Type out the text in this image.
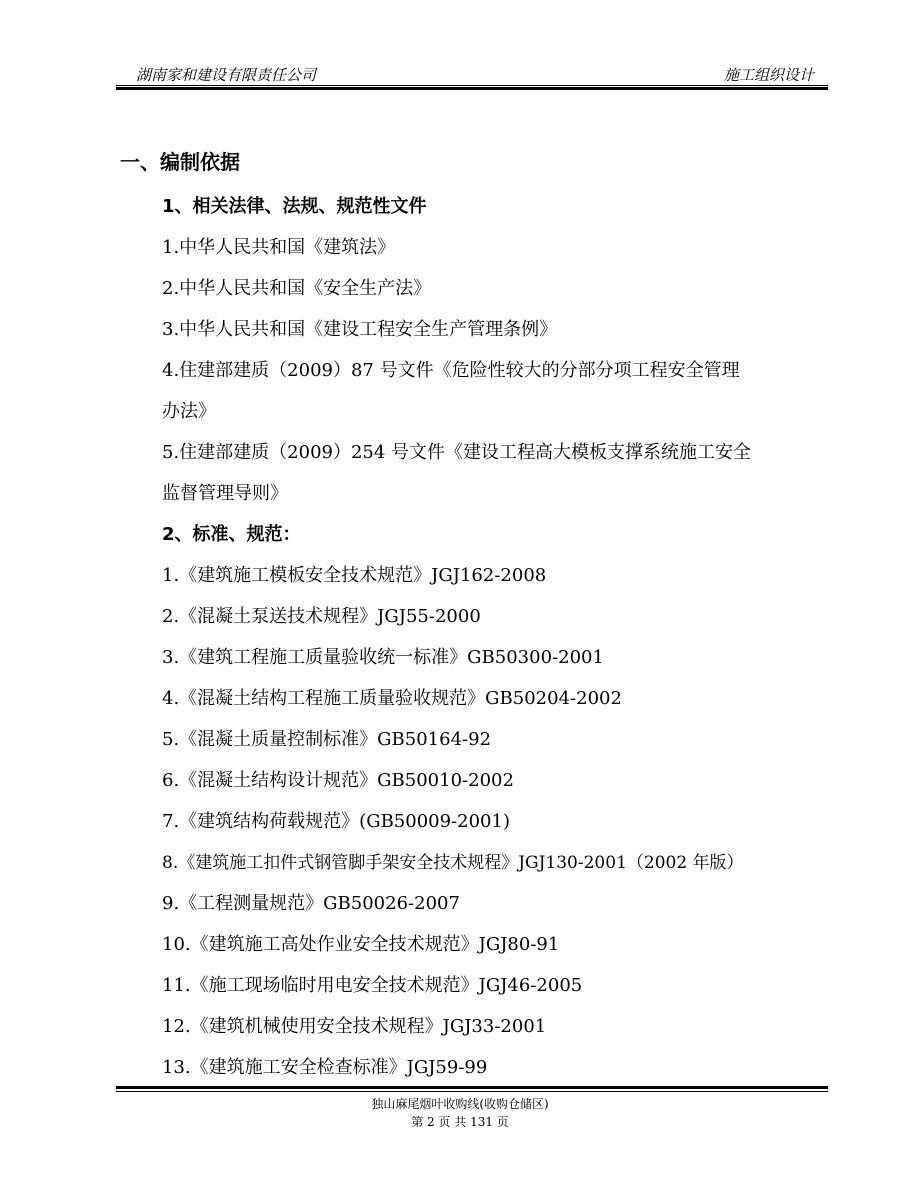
湖南家和建设有限责任公司	施工组织设计
一、编制依据
1、相关法律、法规、规范性文件
1.中华人民共和国《建筑法》
2.中华人民共和国《安全生产法》
3.中华人民共和国《建设工程安全生产管理条例》
4.住建部建质（2009）87 号文件《危险性较大的分部分项工程安全管理
办法》
5.住建部建质（2009）254 号文件《建设工程高大模板支撑系统施工安全
监督管理导则》
2、标准、规范：
1.《建筑施工模板安全技术规范》JGJ162-2008
2.《混凝土泵送技术规程》JGJ55-2000
3.《建筑工程施工质量验收统一标准》GB50300-2001
4.《混凝土结构工程施工质量验收规范》GB50204-2002
5.《混凝土质量控制标准》GB50164-92
6.《混凝土结构设计规范》GB50010-2002
7.《建筑结构荷载规范》(GB50009-2001)
8.《建筑施工扣件式钢管脚手架安全技术规程》JGJ130-2001（2002 年版）
9.《工程测量规范》GB50026-2007
10.《建筑施工高处作业安全技术规范》JGJ80-91
11.《施工现场临时用电安全技术规范》JGJ46-2005
12.《建筑机械使用安全技术规程》JGJ33-2001
13.《建筑施工安全检查标准》JGJ59-99
独山麻尾烟叶收购线(收购仓储区)
第 2 页 共 131 页
